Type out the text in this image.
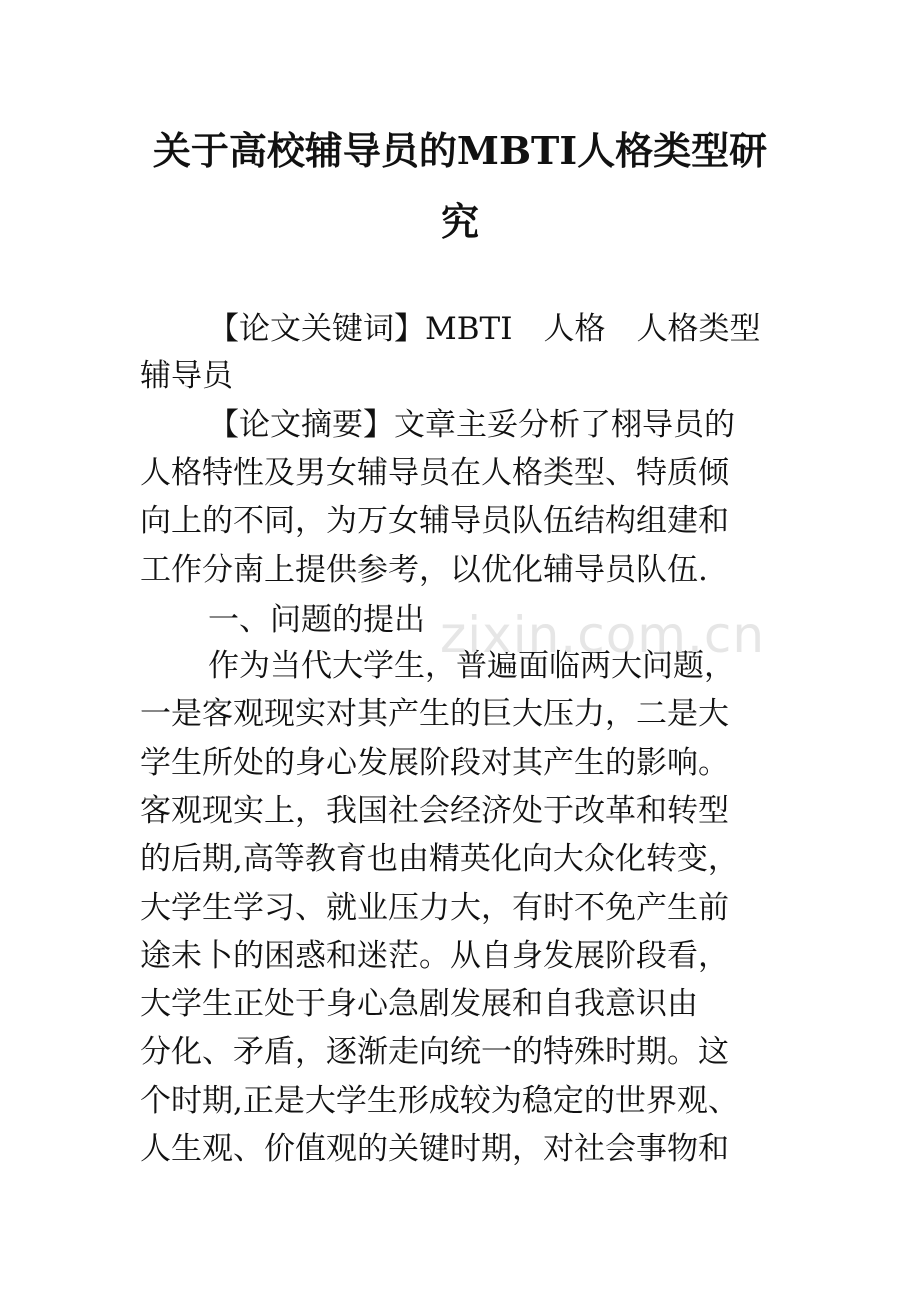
关于高校辅导员的MBTI人格类型研
究
【论文关键词】MBTI　人格　人格类型
辅导员
【论文摘要】文章主妥分析了栩导员的
人格特性及男女辅导员在人格类型、特质倾
向上的不同，为万女辅导员队伍结构组建和
工作分南上提供参考，以优化辅导员队伍.
一、问题的提出
作为当代大学生，普遍面临两大问题，
一是客观现实对其产生的巨大压力，二是大
学生所处的身心发展阶段对其产生的影响。
客观现实上，我国社会经济处于改革和转型
的后期,高等教育也由精英化向大众化转变，
大学生学习、就业压力大，有时不免产生前
途未卜的困惑和迷茫。从自身发展阶段看，
大学生正处于身心急剧发展和自我意识由
分化、矛盾，逐渐走向统一的特殊时期。这
个时期,正是大学生形成较为稳定的世界观、
人生观、价值观的关键时期，对社会事物和
zixin.com.cn
